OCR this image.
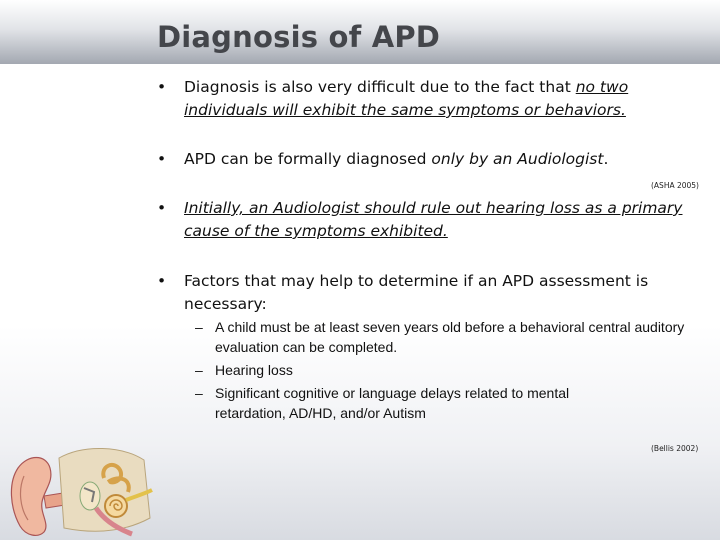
Diagnosis of APD
•	Diagnosis is also very difficult due to the fact that no two individuals will exhibit the same symptoms or behaviors.
•	APD can be formally diagnosed only by an Audiologist.
(ASHA 2005)
•	Initially, an Audiologist should rule out hearing loss as a primary cause of the symptoms exhibited.
•	Factors that may help to determine if an APD assessment is necessary:
– A child must be at least seven years old before a behavioral central auditory evaluation can be completed.
– Hearing loss
– Significant cognitive or language delays related to mental retardation, AD/HD, and/or Autism
(Bellis 2002)
